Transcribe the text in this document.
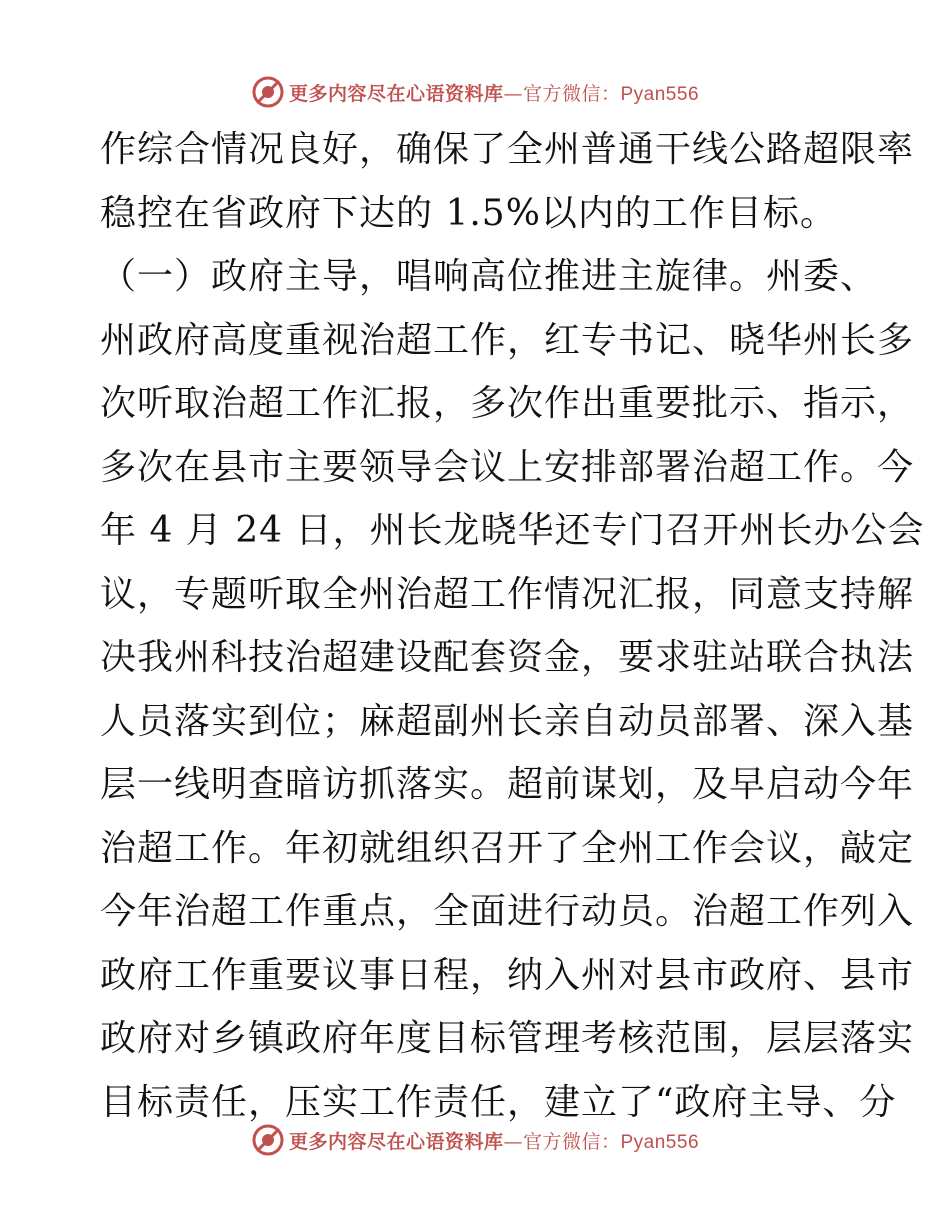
更多内容尽在心语资料库—官方微信：Pyan556
作综合情况良好，确保了全州普通干线公路超限率
稳控在省政府下达的 1.5%以内的工作目标。
（一）政府主导，唱响高位推进主旋律。州委、
州政府高度重视治超工作，红专书记、晓华州长多
次听取治超工作汇报，多次作出重要批示、指示，
多次在县市主要领导会议上安排部署治超工作。今
年 4 月 24 日，州长龙晓华还专门召开州长办公会
议，专题听取全州治超工作情况汇报，同意支持解
决我州科技治超建设配套资金，要求驻站联合执法
人员落实到位；麻超副州长亲自动员部署、深入基
层一线明查暗访抓落实。超前谋划，及早启动今年
治超工作。年初就组织召开了全州工作会议，敲定
今年治超工作重点，全面进行动员。治超工作列入
政府工作重要议事日程，纳入州对县市政府、县市
政府对乡镇政府年度目标管理考核范围，层层落实
目标责任，压实工作责任，建立了“政府主导、分
更多内容尽在心语资料库—官方微信：Pyan556
